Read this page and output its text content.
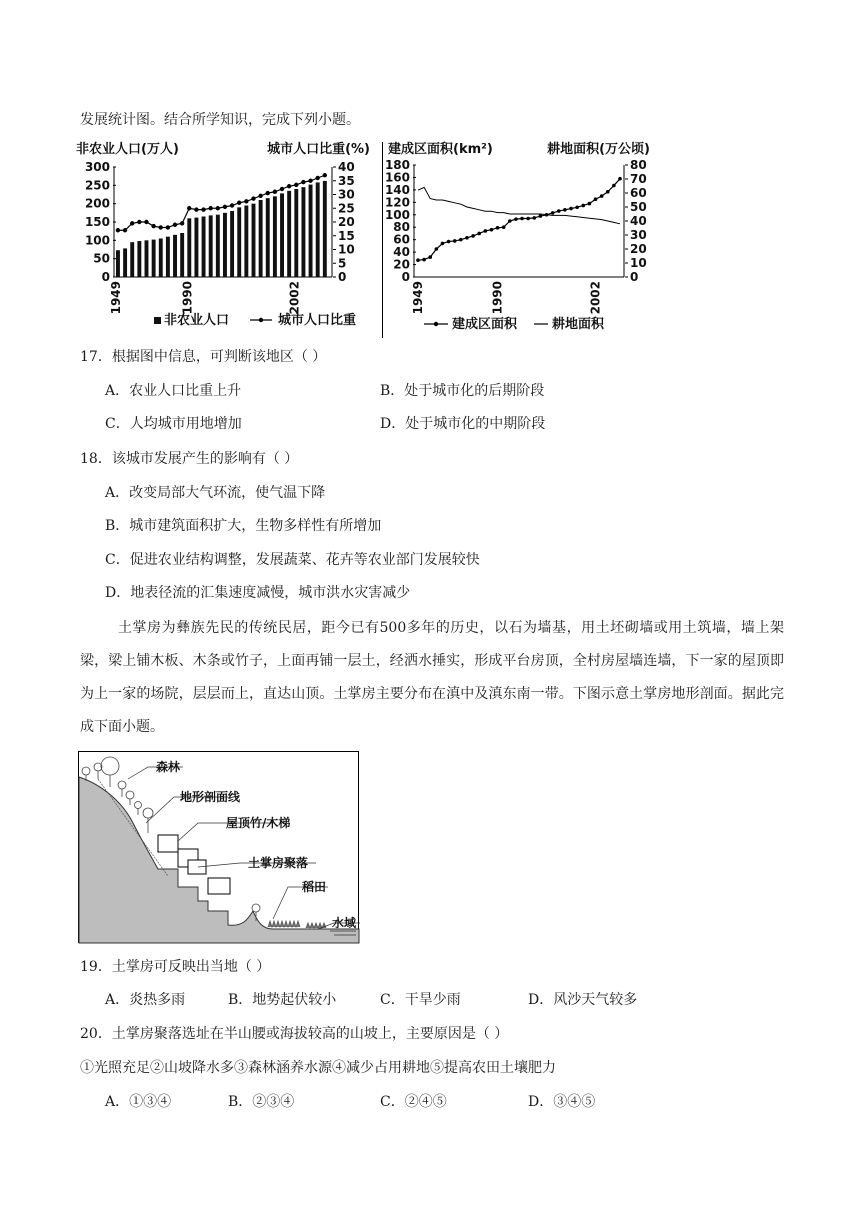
发展统计图。结合所学知识，完成下列小题。
非农业人口(万人)	城市人口比重(%)
300
250
200
150
100
50
0
40
35
30
25
20
15
10
5
0
1949	1990	2002
非农业人口	城市人口比重
建成区面积(km²)	耕地面积(万公顷)
180
160
140
120
100
80
60
40
20
0
80
70
60
50
40
30
20
10
0
1949	1990	2002
建成区面积	耕地面积
17．根据图中信息，可判断该地区（ ）
A．农业人口比重上升	B．处于城市化的后期阶段
C．人均城市用地增加	D．处于城市化的中期阶段
18．该城市发展产生的影响有（ ）
A．改变局部大气环流，使气温下降
B．城市建筑面积扩大，生物多样性有所增加
C．促进农业结构调整，发展蔬菜、花卉等农业部门发展较快
D．地表径流的汇集速度减慢，城市洪水灾害减少
土掌房为彝族先民的传统民居，距今已有500多年的历史，以石为墙基，用土坯砌墙或用土筑墙，墙上架梁，梁上铺木板、木条或竹子，上面再铺一层土，经洒水捶实，形成平台房顶，全村房屋墙连墙，下一家的屋顶即为上一家的场院，层层而上，直达山顶。土掌房主要分布在滇中及滇东南一带。下图示意土掌房地形剖面。据此完成下面小题。
森林
地形剖面线
屋顶竹/木梯
土掌房聚落
稻田
水域
19．土掌房可反映出当地（ ）
A．炎热多雨	B．地势起伏较小	C．干旱少雨	D．风沙天气较多
20．土掌房聚落选址在半山腰或海拔较高的山坡上，主要原因是（ ）
①光照充足②山坡降水多③森林涵养水源④减少占用耕地⑤提高农田土壤肥力
A．①③④	B．②③④	C．②④⑤	D．③④⑤
